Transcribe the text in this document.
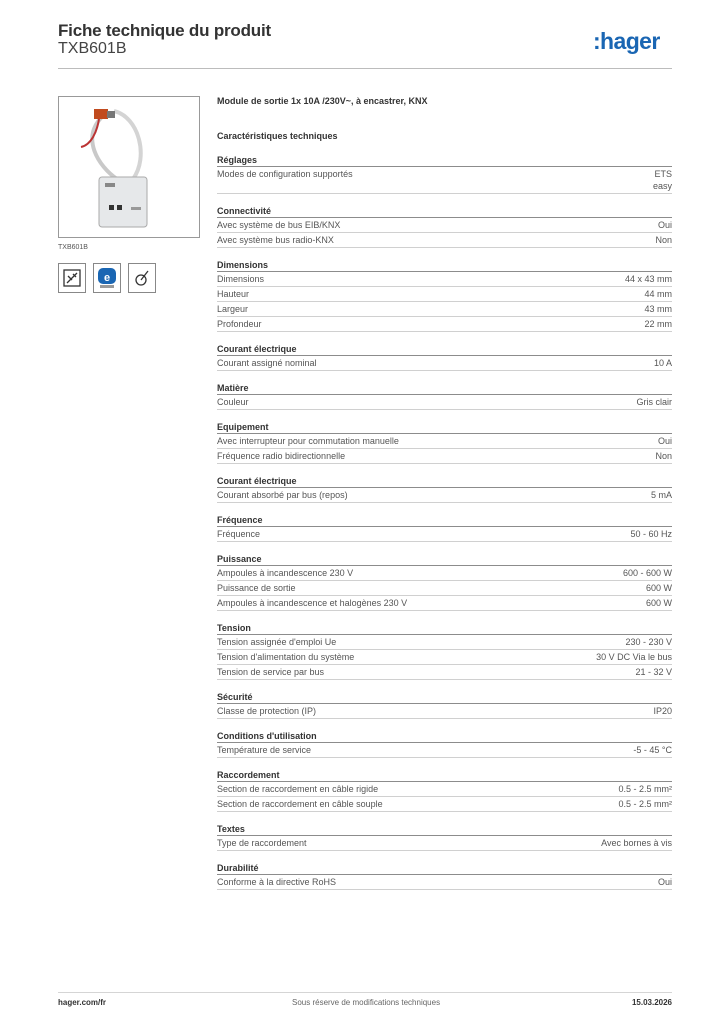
Fiche technique du produit
TXB601B	:hager
TXB601B
e
Module de sortie 1x 10A /230V~, à encastrer, KNX
Caractéristiques techniques
Réglages
Modes de configuration supportés	ETS
easy
Connectivité
Avec système de bus EIB/KNX	Oui
Avec système bus radio-KNX	Non
Dimensions
Dimensions	44 x 43 mm
Hauteur	44 mm
Largeur	43 mm
Profondeur	22 mm
Courant électrique
Courant assigné nominal	10 A
Matière
Couleur	Gris clair
Equipement
Avec interrupteur pour commutation manuelle	Oui
Fréquence radio bidirectionnelle	Non
Courant électrique
Courant absorbé par bus (repos)	5 mA
Fréquence
Fréquence	50 - 60 Hz
Puissance
Ampoules à incandescence 230 V	600 - 600 W
Puissance de sortie	600 W
Ampoules à incandescence et halogènes 230 V	600 W
Tension
Tension assignée d'emploi Ue	230 - 230 V
Tension d'alimentation du système	30 V DC Via le bus
Tension de service par bus	21 - 32 V
Sécurité
Classe de protection (IP)	IP20
Conditions d'utilisation
Température de service	-5 - 45 °C
Raccordement
Section de raccordement en câble rigide	0.5 - 2.5 mm²
Section de raccordement en câble souple	0.5 - 2.5 mm²
Textes
Type de raccordement	Avec bornes à vis
Durabilité
Conforme à la directive RoHS	Oui
hager.com/fr	Sous réserve de modifications techniques	15.03.2026
